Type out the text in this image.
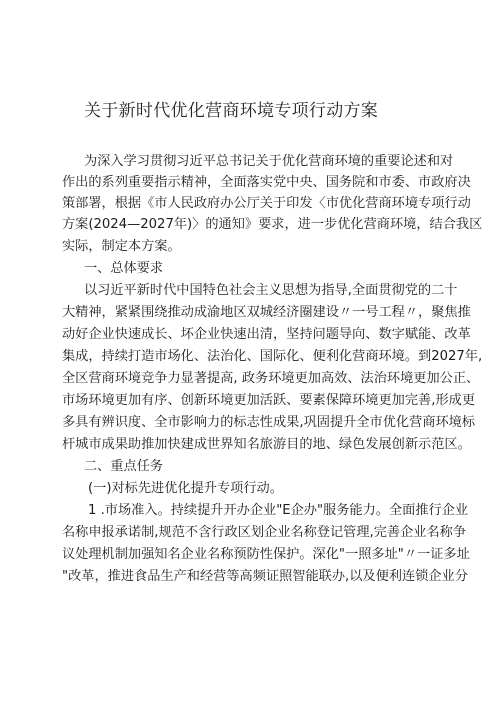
关于新时代优化营商环境专项行动方案
为深入学习贯彻习近平总书记关于优化营商环境的重要论述和对
作出的系列重要指示精神，全面落实党中央、国务院和市委、市政府决
策部署，根据《市人民政府办公厅关于印发〈市优化营商环境专项行动
方案(2024—2027年)〉的通知》要求，进一步优化营商环境，结合我区
实际，制定本方案。
一、总体要求
以习近平新时代中国特色社会主义思想为指导,全面贯彻党的二十
大精神，紧紧围绕推动成渝地区双城经济圈建设〃一号工程〃，聚焦推
动好企业快速成长、坏企业快速出清，坚持问题导向、数字赋能、改革
集成，持续打造市场化、法治化、国际化、便利化营商环境。到2027年,
全区营商环境竞争力显著提高, 政务环境更加高效、法治环境更加公正、
市场环境更加有序、创新环境更加活跃、要素保障环境更加完善,形成更
多具有辨识度、全市影响力的标志性成果,巩固提升全市优化营商环境标
杆城市成果助推加快建成世界知名旅游目的地、绿色发展创新示范区。
二、重点任务
(一)对标先进优化提升专项行动。
1 .市场准入。持续提升开办企业"E企办"服务能力。全面推行企业
名称申报承诺制,规范不含行政区划企业名称登记管理,完善企业名称争
议处理机制加强知名企业名称预防性保护。深化"一照多址"〃一证多址
"改革，推进食品生产和经营等高频证照智能联办,以及便利连锁企业分
